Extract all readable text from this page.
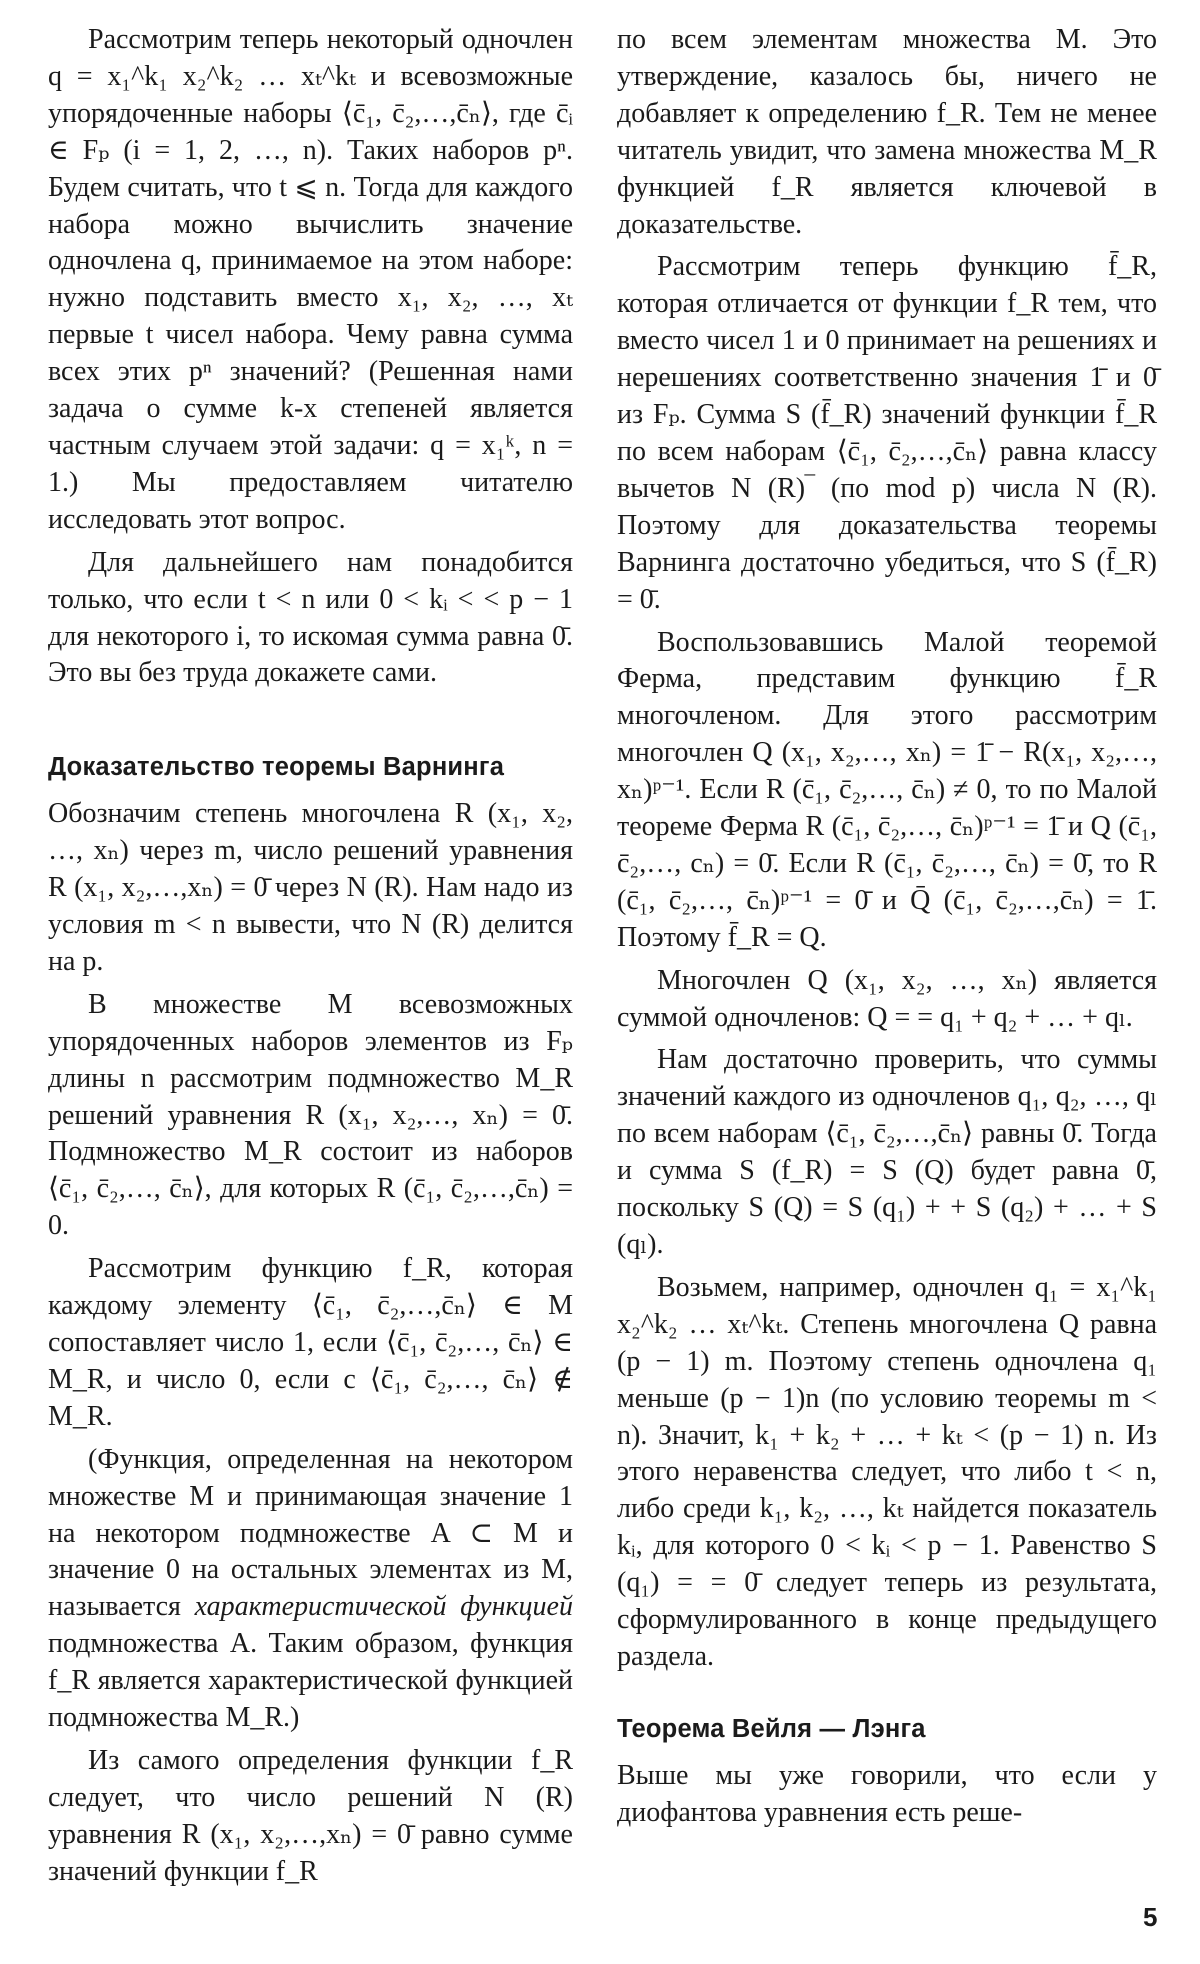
Рассмотрим теперь некоторый одночлен q = x₁^k₁ x₂^k₂ … xₜ^kₜ и всевозможные упорядоченные наборы ⟨c̄₁, c̄₂,…,c̄ₙ⟩, где c̄ᵢ ∈ Fₚ (i = 1, 2, …, n). Таких наборов pⁿ. Будем считать, что t ⩽ n. Тогда для каждого набора можно вычислить значение одночлена q, принимаемое на этом наборе: нужно подставить вместо x₁, x₂, …, xₜ первые t чисел набора. Чему равна сумма всех этих pⁿ значений? (Решенная нами задача о сумме k-х степеней является частным случаем этой задачи: q = x₁ᵏ, n = 1.) Мы предоставляем читателю исследовать этот вопрос.

Для дальнейшего нам понадобится только, что если t < n или 0 < kᵢ < < p − 1 для некоторого i, то искомая сумма равна 0̄. Это вы без труда докажете сами.

Доказательство теоремы Варнинга

Обозначим степень многочлена R (x₁, x₂, …, xₙ) через m, число решений уравнения R (x₁, x₂,…,xₙ) = 0̄ через N (R). Нам надо из условия m < n вывести, что N (R) делится на p.

В множестве M всевозможных упорядоченных наборов элементов из Fₚ длины n рассмотрим подмножество M_R решений уравнения R (x₁, x₂,…, xₙ) = 0̄. Подмножество M_R состоит из наборов ⟨c̄₁, c̄₂,…, c̄ₙ⟩, для которых R (c̄₁, c̄₂,…,c̄ₙ) = 0.

Рассмотрим функцию f_R, которая каждому элементу ⟨c̄₁, c̄₂,…,c̄ₙ⟩ ∈ M сопоставляет число 1, если ⟨c̄₁, c̄₂,…, c̄ₙ⟩ ∈ M_R, и число 0, если c ⟨c̄₁, c̄₂,…, c̄ₙ⟩ ∉ M_R.

(Функция, определенная на некотором множестве M и принимающая значение 1 на некотором подмножестве A ⊂ M и значение 0 на остальных элементах из M, называется характеристической функцией подмножества A. Таким образом, функция f_R является характеристической функцией подмножества M_R.)

Из самого определения функции f_R следует, что число решений N (R) уравнения R (x₁, x₂,…,xₙ) = 0̄ равно сумме значений функции f_R

по всем элементам множества M. Это утверждение, казалось бы, ничего не добавляет к определению f_R. Тем не менее читатель увидит, что замена множества M_R функцией f_R является ключевой в доказательстве.

Рассмотрим теперь функцию f̄_R, которая отличается от функции f_R тем, что вместо чисел 1 и 0 принимает на решениях и нерешениях соответственно значения 1̄ и 0̄ из Fₚ. Сумма S (f̄_R) значений функции f̄_R по всем наборам ⟨c̄₁, c̄₂,…,c̄ₙ⟩ равна классу вычетов N (R)‾ (по mod p) числа N (R). Поэтому для доказательства теоремы Варнинга достаточно убедиться, что S (f̄_R) = 0̄.

Воспользовавшись Малой теоремой Ферма, представим функцию f̄_R многочленом. Для этого рассмотрим многочлен Q (x₁, x₂,…, xₙ) = 1̄ − R(x₁, x₂,…, xₙ)ᵖ⁻¹. Если R (c̄₁, c̄₂,…, c̄ₙ) ≠ 0, то по Малой теореме Ферма R (c̄₁, c̄₂,…, c̄ₙ)ᵖ⁻¹ = 1̄ и Q (c̄₁, c̄₂,…, cₙ) = 0̄. Если R (c̄₁, c̄₂,…, c̄ₙ) = 0̄, то R (c̄₁, c̄₂,…, c̄ₙ)ᵖ⁻¹ = 0̄ и Q̄ (c̄₁, c̄₂,…,c̄ₙ) = 1̄. Поэтому f̄_R = Q.

Многочлен Q (x₁, x₂, …, xₙ) является суммой одночленов: Q = = q₁ + q₂ + … + qₗ.

Нам достаточно проверить, что суммы значений каждого из одночленов q₁, q₂, …, qₗ по всем наборам ⟨c̄₁, c̄₂,…,c̄ₙ⟩ равны 0̄. Тогда и сумма S (f_R) = S (Q) будет равна 0̄, поскольку S (Q) = S (q₁) + + S (q₂) + … + S (qₗ).

Возьмем, например, одночлен q₁ = x₁^k₁ x₂^k₂ … xₜ^kₜ. Степень многочлена Q равна (p − 1) m. Поэтому степень одночлена q₁ меньше (p − 1)n (по условию теоремы m < n). Значит, k₁ + k₂ + … + kₜ < (p − 1) n. Из этого неравенства следует, что либо t < n, либо среди k₁, k₂, …, kₜ найдется показатель kᵢ, для которого 0 < kᵢ < p − 1. Равенство S (q₁) = = 0̄ следует теперь из результата, сформулированного в конце предыдущего раздела.

Теорема Вейля — Лэнга

Выше мы уже говорили, что если у диофантова уравнения есть реше-

5
